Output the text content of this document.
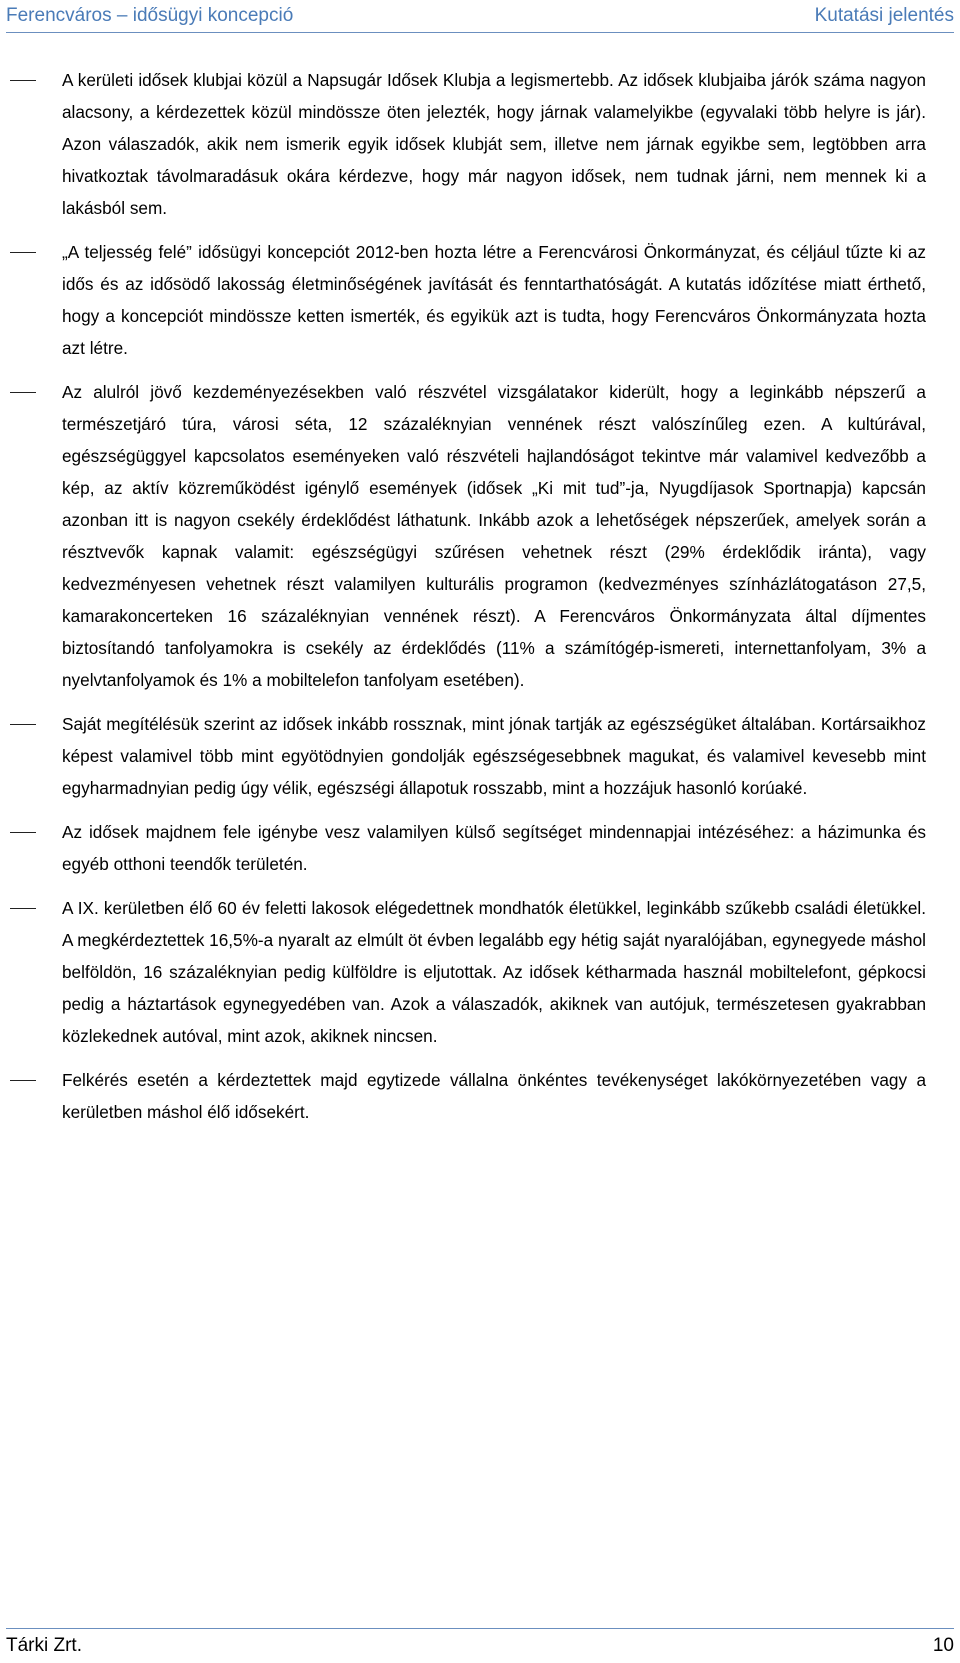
Ferencváros – idősügyi koncepció	Kutatási jelentés
A kerületi idősek klubjai közül a Napsugár Idősek Klubja a legismertebb. Az idősek klubjaiba járók száma nagyon alacsony, a kérdezettek közül mindössze öten jelezték, hogy járnak valamelyikbe (egyvalaki több helyre is jár). Azon válaszadók, akik nem ismerik egyik idősek klubját sem, illetve nem járnak egyikbe sem, legtöbben arra hivatkoztak távolmaradásuk okára kérdezve, hogy már nagyon idősek, nem tudnak járni, nem mennek ki a lakásból sem.
„A teljesség felé” idősügyi koncepciót 2012-ben hozta létre a Ferencvárosi Önkormányzat, és céljául tűzte ki az idős és az idősödő lakosság életminőségének javítását és fenntarthatóságát. A kutatás időzítése miatt érthető, hogy a koncepciót mindössze ketten ismerték, és egyikük azt is tudta, hogy Ferencváros Önkormányzata hozta azt létre.
Az alulról jövő kezdeményezésekben való részvétel vizsgálatakor kiderült, hogy a leginkább népszerű a természetjáró túra, városi séta, 12 százaléknyian vennének részt valószínűleg ezen. A kultúrával, egészségüggyel kapcsolatos eseményeken való részvételi hajlandóságot tekintve már valamivel kedvezőbb a kép, az aktív közreműködést igénylő események (idősek „Ki mit tud”-ja, Nyugdíjasok Sportnapja) kapcsán azonban itt is nagyon csekély érdeklődést láthatunk. Inkább azok a lehetőségek népszerűek, amelyek során a résztvevők kapnak valamit: egészségügyi szűrésen vehetnek részt (29% érdeklődik iránta), vagy kedvezményesen vehetnek részt valamilyen kulturális programon (kedvezményes színházlátogatáson 27,5, kamarakoncerteken 16 százaléknyian vennének részt). A Ferencváros Önkormányzata által díjmentes biztosítandó tanfolyamokra is csekély az érdeklődés (11% a számítógép-ismereti, internettanfolyam, 3% a nyelvtanfolyamok és 1% a mobiltelefon tanfolyam esetében).
Saját megítélésük szerint az idősek inkább rossznak, mint jónak tartják az egészségüket általában. Kortársaikhoz képest valamivel több mint egyötödnyien gondolják egészségesebbnek magukat, és valamivel kevesebb mint egyharmadnyian pedig úgy vélik, egészségi állapotuk rosszabb, mint a hozzájuk hasonló korúaké.
Az idősek majdnem fele igénybe vesz valamilyen külső segítséget mindennapjai intézéséhez: a házimunka és egyéb otthoni teendők területén.
A IX. kerületben élő 60 év feletti lakosok elégedettnek mondhatók életükkel, leginkább szűkebb családi életükkel. A megkérdeztettek 16,5%-a nyaralt az elmúlt öt évben legalább egy hétig saját nyaralójában, egynegyede máshol belföldön, 16 százaléknyian pedig külföldre is eljutottak. Az idősek kétharmada használ mobiltelefont, gépkocsi pedig a háztartások egynegyedében van. Azok a válaszadók, akiknek van autójuk, természetesen gyakrabban közlekednek autóval, mint azok, akiknek nincsen.
Felkérés esetén a kérdeztettek majd egytizede vállalna önkéntes tevékenységet lakókörnyezetében vagy a kerületben máshol élő idősekért.
Tárki Zrt.	10
